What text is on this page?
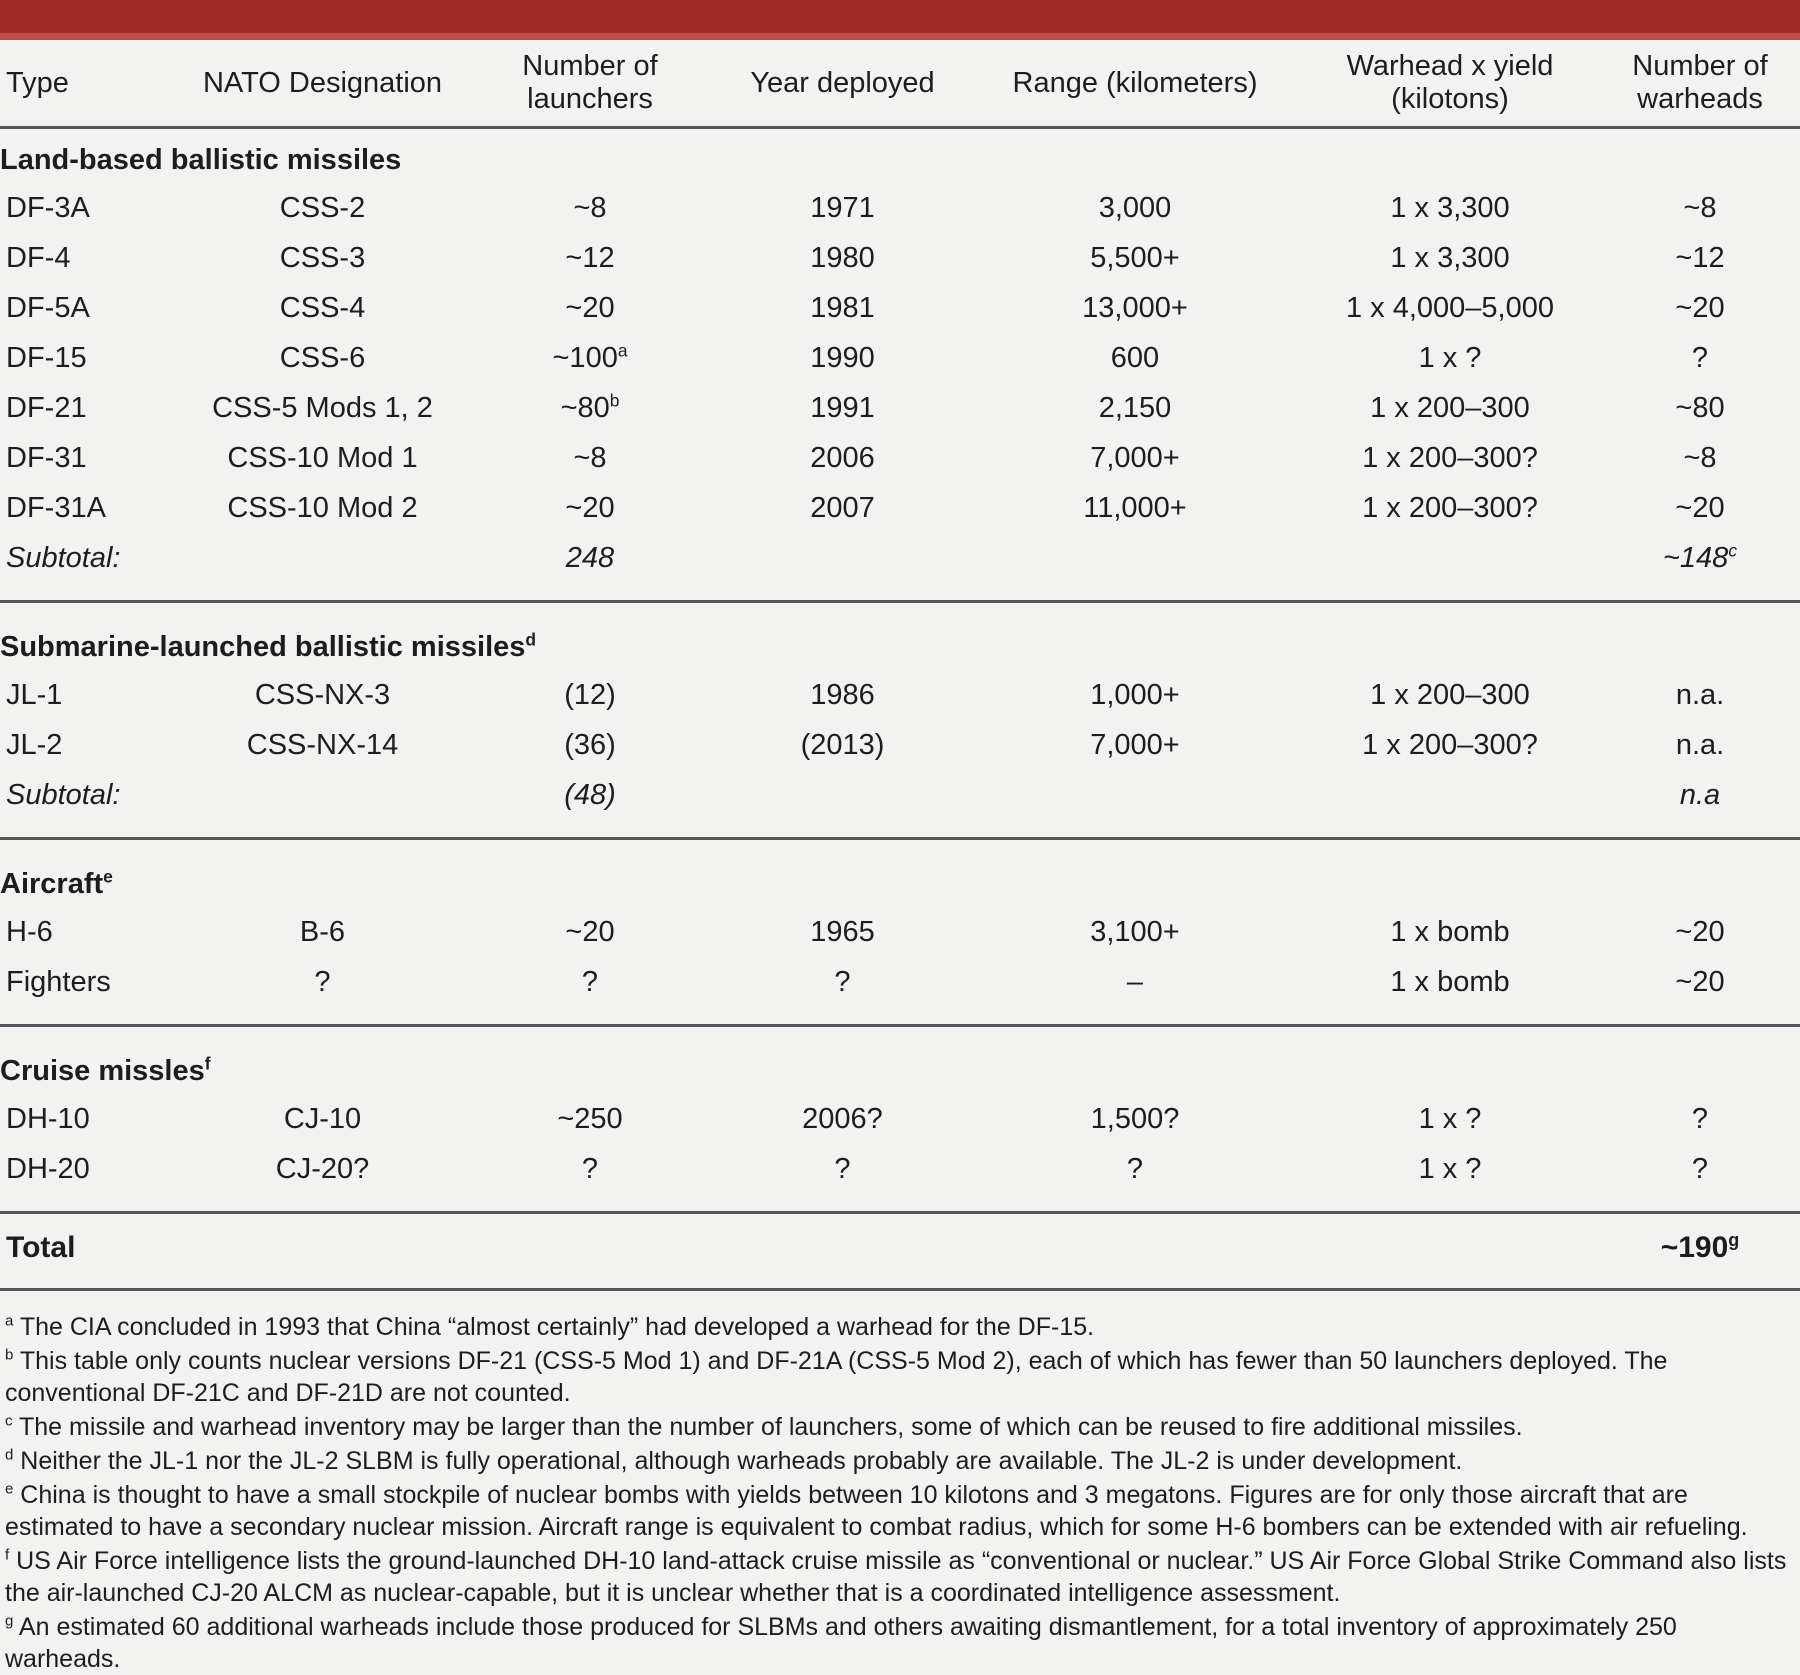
Type	NATO Designation	Number of launchers	Year deployed	Range (kilometers)	Warhead x yield (kilotons)	Number of warheads
Land-based ballistic missiles						
DF-3A	CSS-2	~8	1971	3,000	1 x 3,300	~8
DF-4	CSS-3	~12	1980	5,500+	1 x 3,300	~12
DF-5A	CSS-4	~20	1981	13,000+	1 x 4,000–5,000	~20
DF-15	CSS-6	~100$^a$	1990	600	1 x ?	?
DF-21	CSS-5 Mods 1, 2	~80$^b$	1991	2,150	1 x 200–300	~80
DF-31	CSS-10 Mod 1	~8	2006	7,000+	1 x 200–300?	~8
DF-31A	CSS-10 Mod 2	~20	2007	11,000+	1 x 200–300?	~20
Subtotal:		248				~148$^c$
Submarine-launched ballistic missiles$^d$
JL-1	CSS-NX-3	(12)	1986	1,000+	1 x 200–300	n.a.
JL-2	CSS-NX-14	(36)	(2013)	7,000+	1 x 200–300?	n.a.
Subtotal:		(48)				n.a
Aircraft$^e$
H-6	B-6	~20	1965	3,100+	1 x bomb	~20
Fighters	?	?	?	–	1 x bomb	~20
Cruise missles$^f$
DH-10	CJ-10	~250	2006?	1,500?	1 x ?	?
DH-20	CJ-20?	?	?	?	1 x ?	?
Total						~190$^g$

$^a$ The CIA concluded in 1993 that China “almost certainly” had developed a warhead for the DF-15.

$^b$ This table only counts nuclear versions DF-21 (CSS-5 Mod 1) and DF-21A (CSS-5 Mod 2), each of which has fewer than 50 launchers deployed. The conventional DF-21C and DF-21D are not counted.

$^c$ The missile and warhead inventory may be larger than the number of launchers, some of which can be reused to fire additional missiles.

$^d$ Neither the JL-1 nor the JL-2 SLBM is fully operational, although warheads probably are available. The JL-2 is under development.

$^e$ China is thought to have a small stockpile of nuclear bombs with yields between 10 kilotons and 3 megatons. Figures are for only those aircraft that are estimated to have a secondary nuclear mission. Aircraft range is equivalent to combat radius, which for some H-6 bombers can be extended with air refueling.

$^f$ US Air Force intelligence lists the ground-launched DH-10 land-attack cruise missile as “conventional or nuclear.” US Air Force Global Strike Command also lists the air-launched CJ-20 ALCM as nuclear-capable, but it is unclear whether that is a coordinated intelligence assessment.

$^g$ An estimated 60 additional warheads include those produced for SLBMs and others awaiting dismantlement, for a total inventory of approximately 250 warheads.
